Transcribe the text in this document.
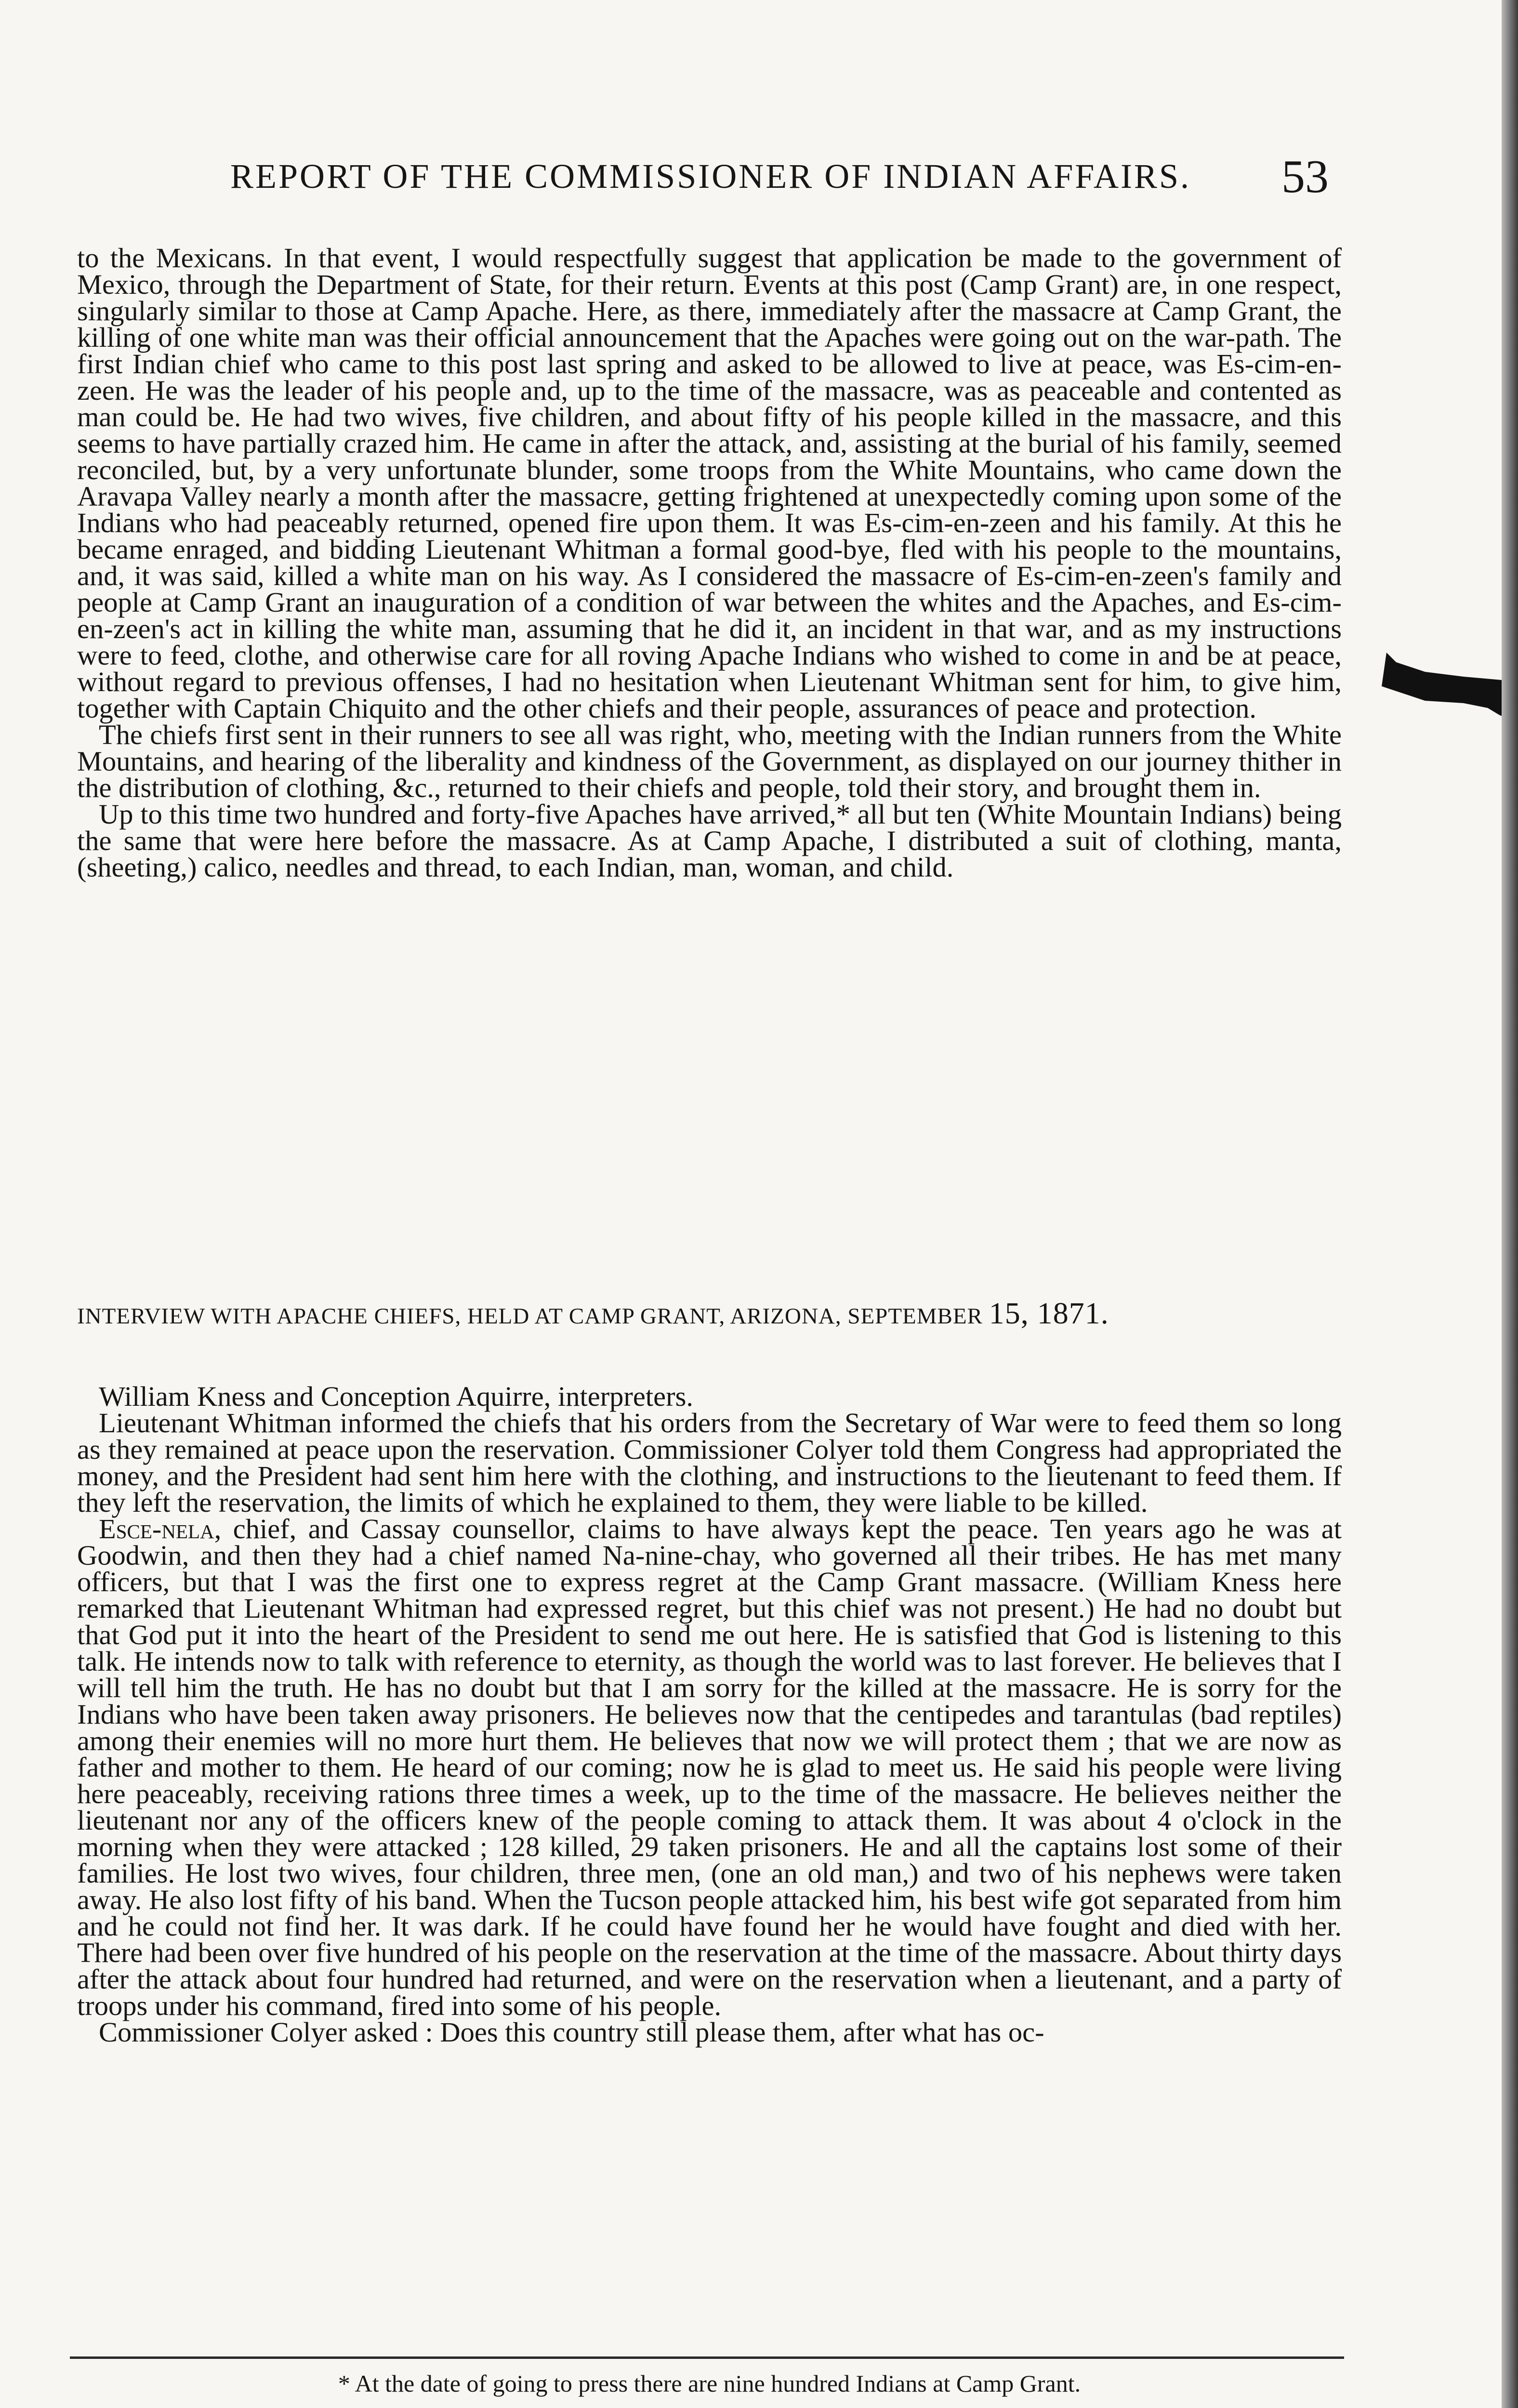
REPORT OF THE COMMISSIONER OF INDIAN AFFAIRS.	53

to the Mexicans. In that event, I would respectfully suggest that application be made to the government of Mexico, through the Department of State, for their return. Events at this post (Camp Grant) are, in one respect, singularly similar to those at Camp Apache. Here, as there, immediately after the massacre at Camp Grant, the killing of one white man was their official announcement that the Apaches were going out on the war-path. The first Indian chief who came to this post last spring and asked to be allowed to live at peace, was Es-cim-en-zeen. He was the leader of his people and, up to the time of the massacre, was as peaceable and contented as man could be. He had two wives, five children, and about fifty of his people killed in the massacre, and this seems to have partially crazed him. He came in after the attack, and, assisting at the burial of his family, seemed reconciled, but, by a very unfortunate blunder, some troops from the White Mountains, who came down the Aravapa Valley nearly a month after the massacre, getting frightened at unexpectedly coming upon some of the Indians who had peaceably returned, opened fire upon them. It was Es-cim-en-zeen and his family. At this he became enraged, and bidding Lieutenant Whitman a formal good-bye, fled with his people to the mountains, and, it was said, killed a white man on his way. As I considered the massacre of Es-cim-en-zeen's family and people at Camp Grant an inauguration of a condition of war between the whites and the Apaches, and Es-cim-en-zeen's act in killing the white man, assuming that he did it, an incident in that war, and as my instructions were to feed, clothe, and otherwise care for all roving Apache Indians who wished to come in and be at peace, without regard to previous offenses, I had no hesitation when Lieutenant Whitman sent for him, to give him, together with Captain Chiquito and the other chiefs and their people, assurances of peace and protection.

The chiefs first sent in their runners to see all was right, who, meeting with the Indian runners from the White Mountains, and hearing of the liberality and kindness of the Government, as displayed on our journey thither in the distribution of clothing, &c., returned to their chiefs and people, told their story, and brought them in.

Up to this time two hundred and forty-five Apaches have arrived,* all but ten (White Mountain Indians) being the same that were here before the massacre. As at Camp Apache, I distributed a suit of clothing, manta, (sheeting,) calico, needles and thread, to each Indian, man, woman, and child.

INTERVIEW WITH APACHE CHIEFS, HELD AT CAMP GRANT, ARIZONA, SEPTEMBER 15, 1871.

William Kness and Conception Aquirre, interpreters.

Lieutenant Whitman informed the chiefs that his orders from the Secretary of War were to feed them so long as they remained at peace upon the reservation. Commissioner Colyer told them Congress had appropriated the money, and the President had sent him here with the clothing, and instructions to the lieutenant to feed them. If they left the reservation, the limits of which he explained to them, they were liable to be killed.

Esce-nela, chief, and Cassay counsellor, claims to have always kept the peace. Ten years ago he was at Goodwin, and then they had a chief named Na-nine-chay, who governed all their tribes. He has met many officers, but that I was the first one to express regret at the Camp Grant massacre. (William Kness here remarked that Lieutenant Whitman had expressed regret, but this chief was not present.) He had no doubt but that God put it into the heart of the President to send me out here. He is satisfied that God is listening to this talk. He intends now to talk with reference to eternity, as though the world was to last forever. He believes that I will tell him the truth. He has no doubt but that I am sorry for the killed at the massacre. He is sorry for the Indians who have been taken away prisoners. He believes now that the centipedes and tarantulas (bad reptiles) among their enemies will no more hurt them. He believes that now we will protect them ; that we are now as father and mother to them. He heard of our coming; now he is glad to meet us. He said his people were living here peaceably, receiving rations three times a week, up to the time of the massacre. He believes neither the lieutenant nor any of the officers knew of the people coming to attack them. It was about 4 o'clock in the morning when they were attacked ; 128 killed, 29 taken prisoners. He and all the captains lost some of their families. He lost two wives, four children, three men, (one an old man,) and two of his nephews were taken away. He also lost fifty of his band. When the Tucson people attacked him, his best wife got separated from him and he could not find her. It was dark. If he could have found her he would have fought and died with her. There had been over five hundred of his people on the reservation at the time of the massacre. About thirty days after the attack about four hundred had returned, and were on the reservation when a lieutenant, and a party of troops under his command, fired into some of his people.

Commissioner Colyer asked : Does this country still please them, after what has oc-

* At the date of going to press there are nine hundred Indians at Camp Grant.
